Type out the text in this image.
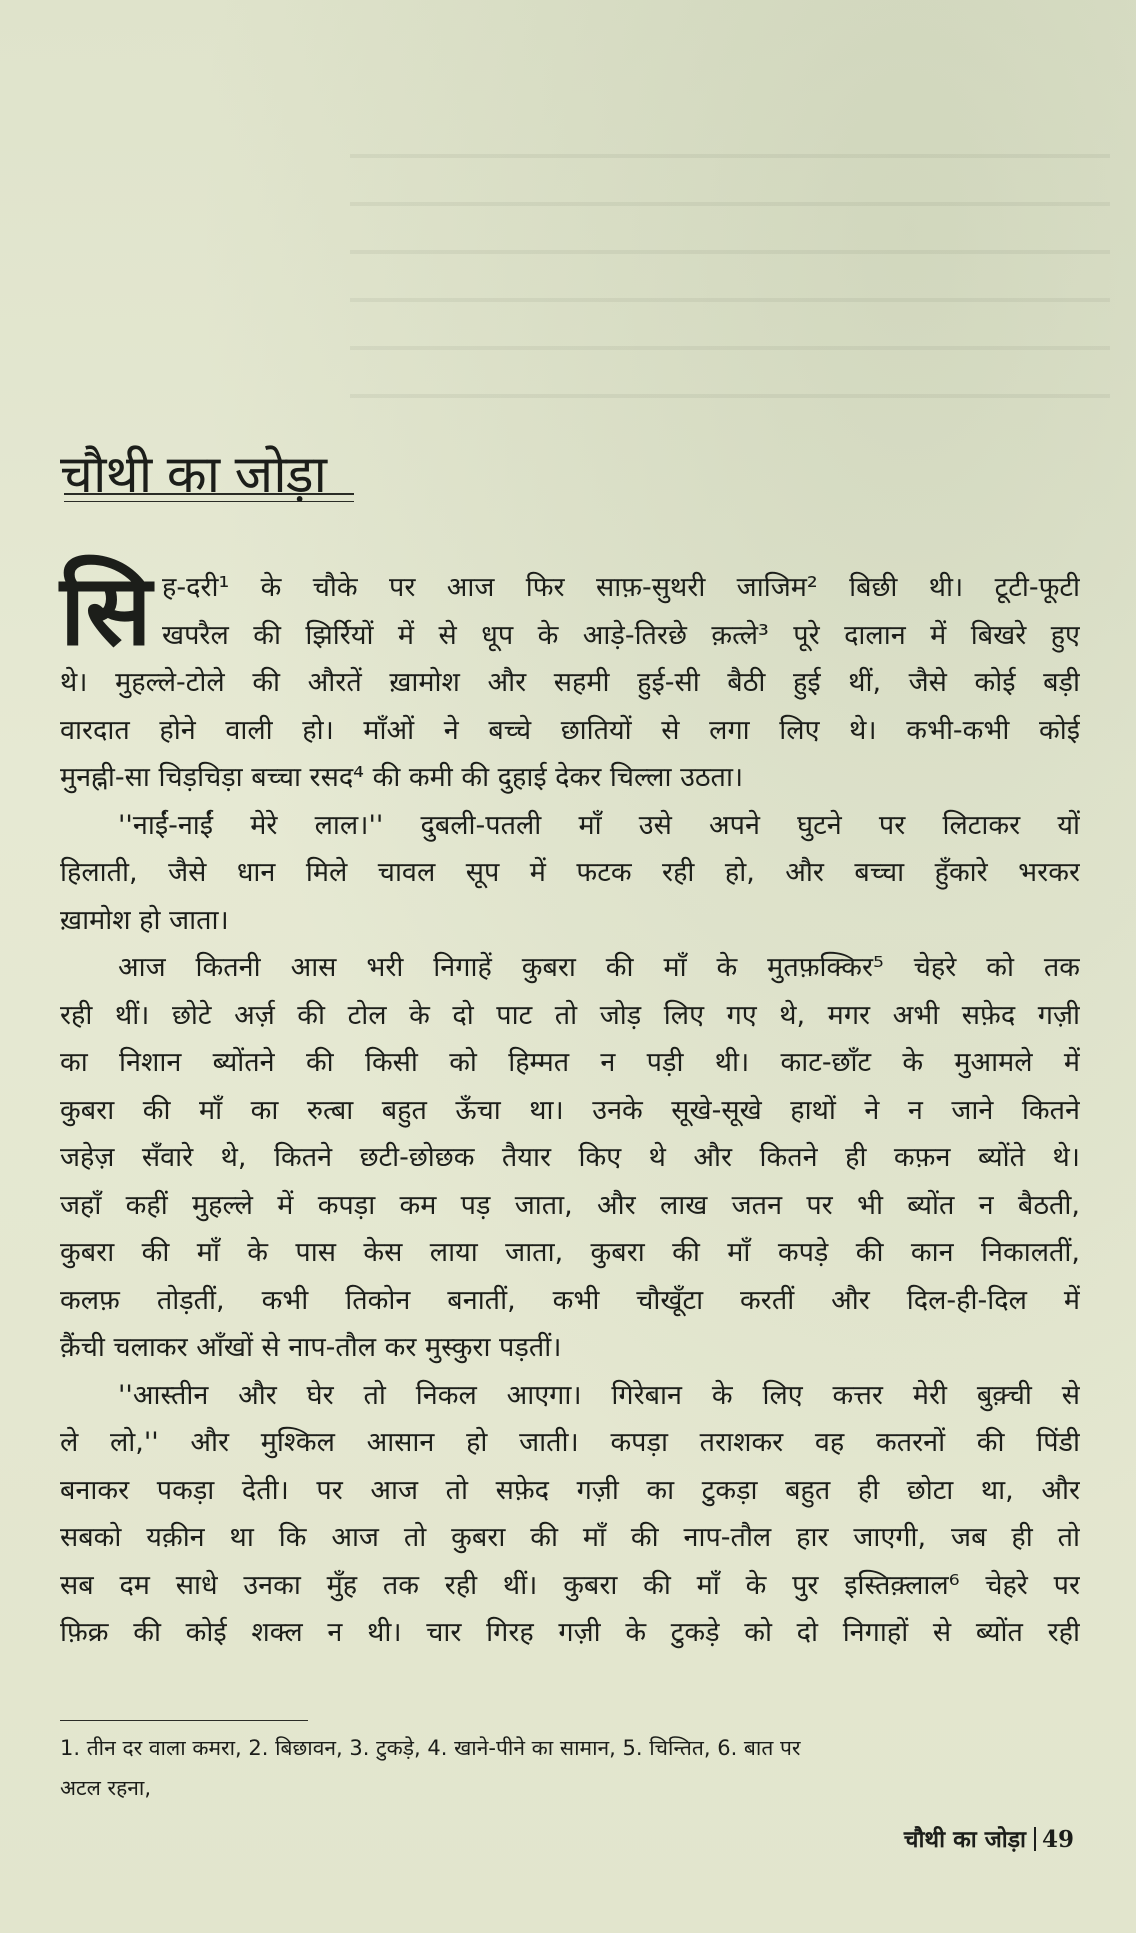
चौथी का जोड़ा
सि ह-दरी¹ के चौके पर आज फिर साफ़-सुथरी जाजिम² बिछी थी। टूटी-फूटी
खपरैल की झिर्रियों में से धूप के आड़े-तिरछे क़त्ले³ पूरे दालान में बिखरे हुए
थे। मुहल्ले-टोले की औरतें ख़ामोश और सहमी हुई-सी बैठी हुई थीं, जैसे कोई बड़ी
वारदात होने वाली हो। माँओं ने बच्चे छातियों से लगा लिए थे। कभी-कभी कोई
मुनह्नी-सा चिड़चिड़ा बच्चा रसद⁴ की कमी की दुहाई देकर चिल्ला उठता।
''नाईं-नाईं मेरे लाल।'' दुबली-पतली माँ उसे अपने घुटने पर लिटाकर यों
हिलाती, जैसे धान मिले चावल सूप में फटक रही हो, और बच्चा हुँकारे भरकर
ख़ामोश हो जाता।
आज कितनी आस भरी निगाहें कुबरा की माँ के मुतफ़क्किर⁵ चेहरे को तक
रही थीं। छोटे अर्ज़ की टोल के दो पाट तो जोड़ लिए गए थे, मगर अभी सफ़ेद गज़ी
का निशान ब्योंतने की किसी को हिम्मत न पड़ी थी। काट-छाँट के मुआमले में
कुबरा की माँ का रुत्बा बहुत ऊँचा था। उनके सूखे-सूखे हाथों ने न जाने कितने
जहेज़ सँवारे थे, कितने छटी-छोछक तैयार किए थे और कितने ही कफ़न ब्योंते थे।
जहाँ कहीं मुहल्ले में कपड़ा कम पड़ जाता, और लाख जतन पर भी ब्योंत न बैठती,
कुबरा की माँ के पास केस लाया जाता, कुबरा की माँ कपड़े की कान निकालतीं,
कलफ़ तोड़तीं, कभी तिकोन बनातीं, कभी चौखूँटा करतीं और दिल-ही-दिल में
क़ैंची चलाकर आँखों से नाप-तौल कर मुस्कुरा पड़तीं।
''आस्तीन और घेर तो निकल आएगा। गिरेबान के लिए कत्तर मेरी बुक़्ची से
ले लो,'' और मुश्किल आसान हो जाती। कपड़ा तराशकर वह कतरनों की पिंडी
बनाकर पकड़ा देती। पर आज तो सफ़ेद गज़ी का टुकड़ा बहुत ही छोटा था, और
सबको यक़ीन था कि आज तो कुबरा की माँ की नाप-तौल हार जाएगी, जब ही तो
सब दम साधे उनका मुँह तक रही थीं। कुबरा की माँ के पुर इस्तिक़्लाल⁶ चेहरे पर
फ़िक्र की कोई शक्ल न थी। चार गिरह गज़ी के टुकड़े को दो निगाहों से ब्योंत रही
1. तीन दर वाला कमरा, 2. बिछावन, 3. टुकड़े, 4. खाने-पीने का सामान, 5. चिन्तित, 6. बात पर
अटल रहना,
चौथी का जोड़ा 49
